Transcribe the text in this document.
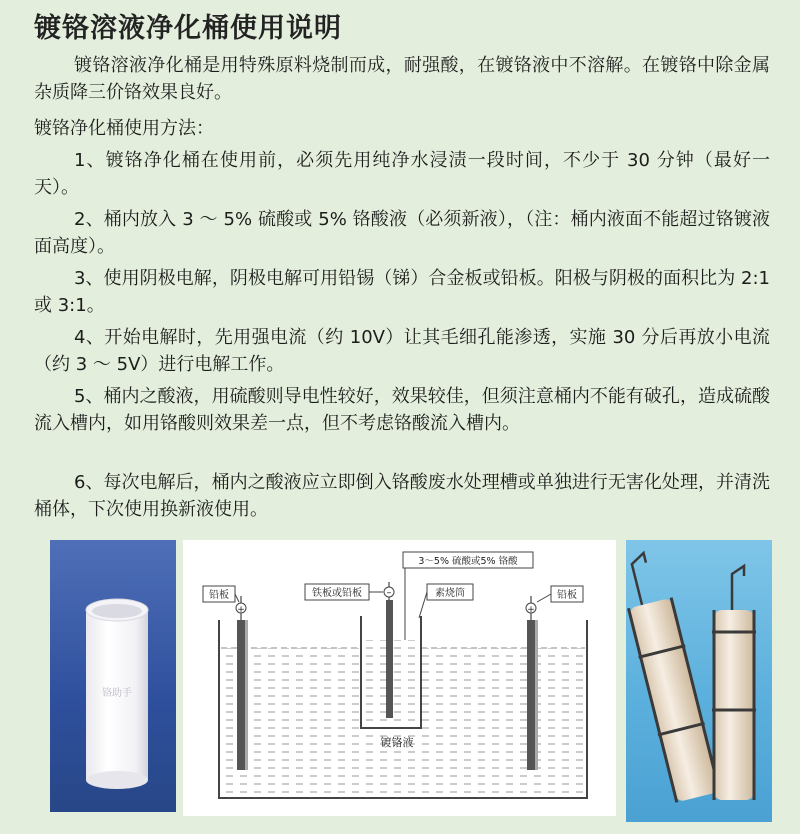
镀铬溶液净化桶使用说明

镀铬溶液净化桶是用特殊原料烧制而成，耐强酸，在镀铬液中不溶解。在镀铬中除金属杂质降三价铬效果良好。

镀铬净化桶使用方法：

1、镀铬净化桶在使用前，必须先用纯净水浸渍一段时间，不少于 30 分钟（最好一天）。

2、桶内放入 3 ～ 5% 硫酸或 5% 铬酸液（必须新液），（注：桶内液面不能超过铬镀液面高度）。

3、使用阴极电解，阴极电解可用铅锡（锑）合金板或铅板。阳极与阴极的面积比为 2:1 或 3:1。

4、开始电解时，先用强电流（约 10V）让其毛细孔能渗透，实施 30 分后再放小电流（约 3 ～ 5V）进行电解工作。

5、桶内之酸液，用硫酸则导电性较好，效果较佳，但须注意桶内不能有破孔，造成硫酸流入槽内，如用铬酸则效果差一点，但不考虑铬酸流入槽内。

6、每次电解后，桶内之酸液应立即倒入铬酸废水处理槽或单独进行无害化处理，并清洗桶体，下次使用换新液使用。

铬助手
+	+
–
铅板	铁板或铅板
3～5% 硫酸或5% 铬酸
素烧筒	铅板
镀铬液
